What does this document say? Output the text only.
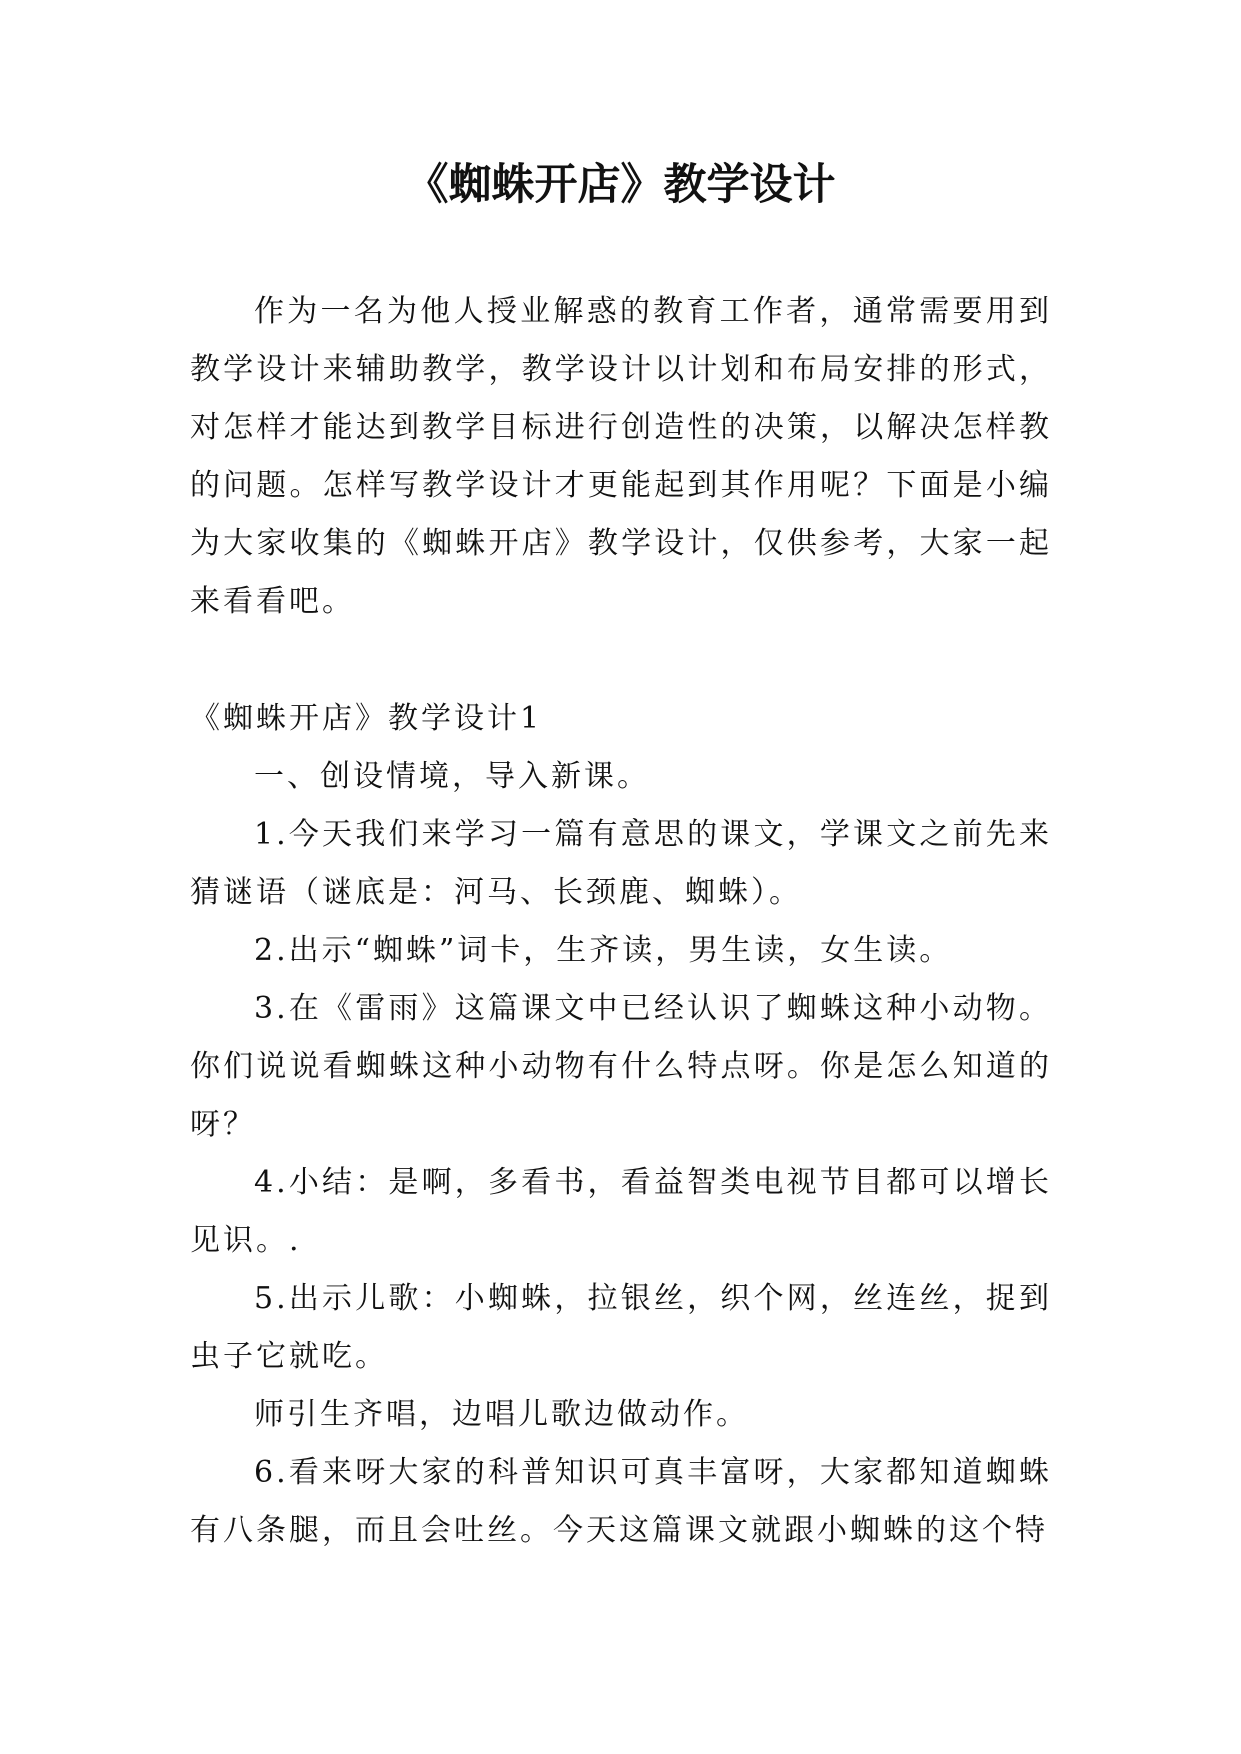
《蜘蛛开店》教学设计

作为一名为他人授业解惑的教育工作者，通常需要用到教学设计来辅助教学，教学设计以计划和布局安排的形式，对怎样才能达到教学目标进行创造性的决策，以解决怎样教的问题。怎样写教学设计才更能起到其作用呢？下面是小编为大家收集的《蜘蛛开店》教学设计，仅供参考，大家一起来看看吧。

《蜘蛛开店》教学设计1

一、创设情境，导入新课。

1.今天我们来学习一篇有意思的课文，学课文之前先来猜谜语（谜底是：河马、长颈鹿、蜘蛛）。

2.出示“蜘蛛”词卡，生齐读，男生读，女生读。

3.在《雷雨》这篇课文中已经认识了蜘蛛这种小动物。你们说说看蜘蛛这种小动物有什么特点呀。你是怎么知道的呀？

4.小结：是啊，多看书，看益智类电视节目都可以增长见识。.

5.出示儿歌：小蜘蛛，拉银丝，织个网，丝连丝，捉到虫子它就吃。

师引生齐唱，边唱儿歌边做动作。

6.看来呀大家的科普知识可真丰富呀，大家都知道蜘蛛有八条腿，而且会吐丝。今天这篇课文就跟小蜘蛛的这个特
